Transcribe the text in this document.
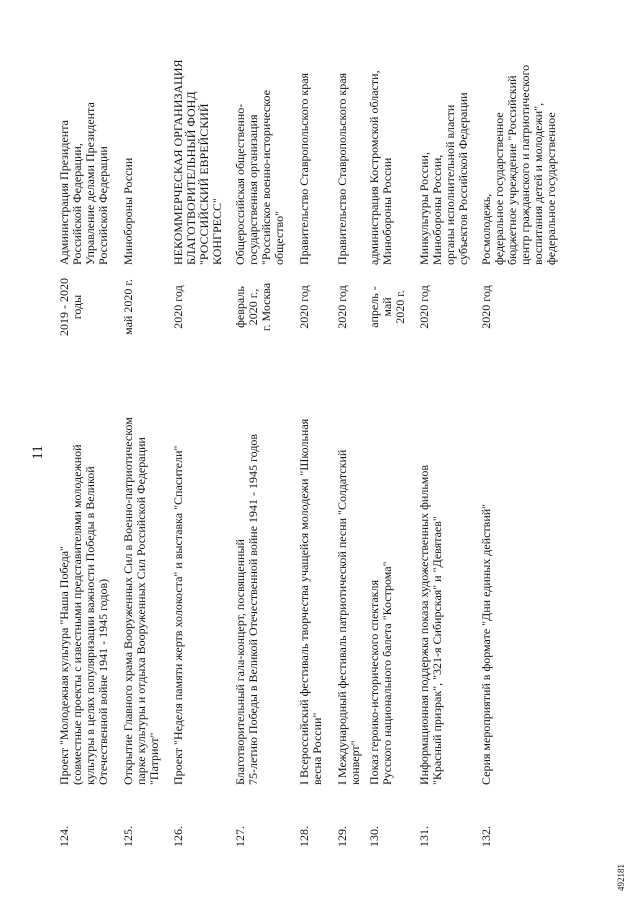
11
124.
Проект "Молодежная культура "Наша Победа"
(совместные проекты с известными представителями молодежной
культуры в целях популяризации важности Победы в Великой
Отечественной войне 1941 - 1945 годов)
2019 - 2020
годы
Администрация Президента
Российской Федерации,
Управление делами Президента
Российской Федерации
125.
Открытие Главного храма Вооруженных Сил в Военно-патриотическом
парке культуры и отдыха Вооруженных Сил Российской Федерации
"Патриот"
май 2020 г.
Минобороны России
126.
Проект "Неделя памяти жертв холокоста" и выставка "Спасители"
2020 год
НЕКОММЕРЧЕСКАЯ ОРГАНИЗАЦИЯ
БЛАГОТВОРИТЕЛЬНЫЙ ФОНД
"РОССИЙСКИЙ ЕВРЕЙСКИЙ
КОНГРЕСС"
127.
Благотворительный гала-концерт, посвященный
75-летию Победы в Великой Отечественной войне 1941 - 1945 годов
февраль
2020 г.,
г. Москва
Общероссийская общественно-
государственная организация
"Российское военно-историческое
общество"
128.
I Всероссийский фестиваль творчества учащейся молодежи "Школьная
весна России"
2020 год
Правительство Ставропольского края
129.
I Международный фестиваль патриотической песни "Солдатский
конверт"
2020 год
Правительство Ставропольского края
130.
Показ героико-исторического спектакля
Русского национального балета "Кострома"
апрель - май
2020 г.
администрация Костромской области,
Минобороны России
131.
Информационная поддержка показа художественных фильмов
"Красный призрак", "321-я Сибирская" и "Девятаев"
2020 год
Минкультуры России,
Минобороны России,
органы исполнительной власти
субъектов Российской Федерации
132.
Серия мероприятий в формате "Дни единых действий"
2020 год
Росмолодежь,
федеральное государственное
бюджетное учреждение "Российский
центр гражданского и патриотического
воспитания детей и молодежи",
федеральное государственное
492181
